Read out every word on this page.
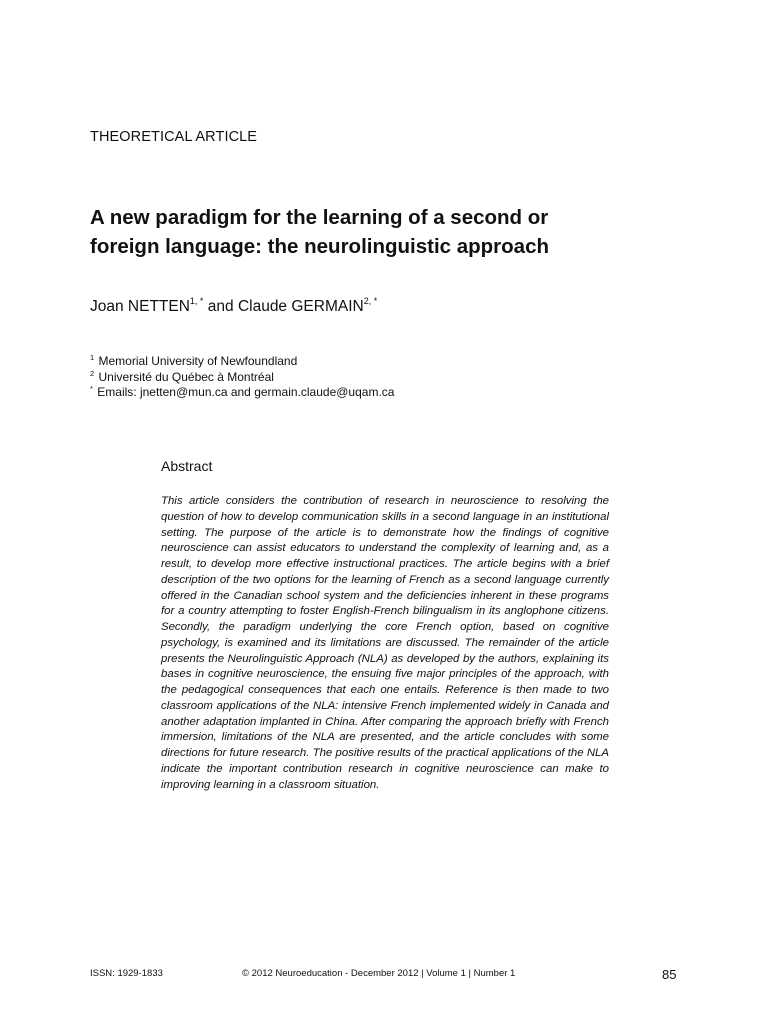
THEORETICAL ARTICLE
A new paradigm for the learning of a second or
foreign language: the neurolinguistic approach
Joan $NETTEN^{1, *}$ and Claude $GERMAIN^{2, *}$
$^1$ Memorial University of Newfoundland
$^2$ Université du Québec à Montréal
* Emails: jnetten@mun.ca and germain.claude@uqam.ca
Abstract

This article considers the contribution of research in neuroscience to resolving the question of how to develop communication skills in a second language in an institutional setting. The purpose of the article is to demonstrate how the findings of cognitive neuroscience can assist educators to understand the complexity of learning and, as a result, to develop more effective instructional practices. The article begins with a brief description of the two options for the learning of French as a second language currently offered in the Canadian school system and the deficiencies inherent in these programs for a country attempting to foster English-French bilingualism in its anglophone citizens. Secondly, the paradigm underlying the core French option, based on cognitive psychology, is examined and its limitations are discussed. The remainder of the article presents the Neurolinguistic Approach (NLA) as developed by the authors, explaining its bases in cognitive neuroscience, the ensuing five major principles of the approach, with the pedagogical consequences that each one entails. Reference is then made to two classroom applications of the NLA: intensive French implemented widely in Canada and another adaptation implanted in China. After comparing the approach briefly with French immersion, limitations of the NLA are presented, and the article concludes with some directions for future research. The positive results of the practical applications of the NLA indicate the important contribution research in cognitive neuroscience can make to improving learning in a classroom situation.

ISSN: 1929-1833	© 2012 Neuroeducation - December 2012 | Volume 1 | Number 1	85
